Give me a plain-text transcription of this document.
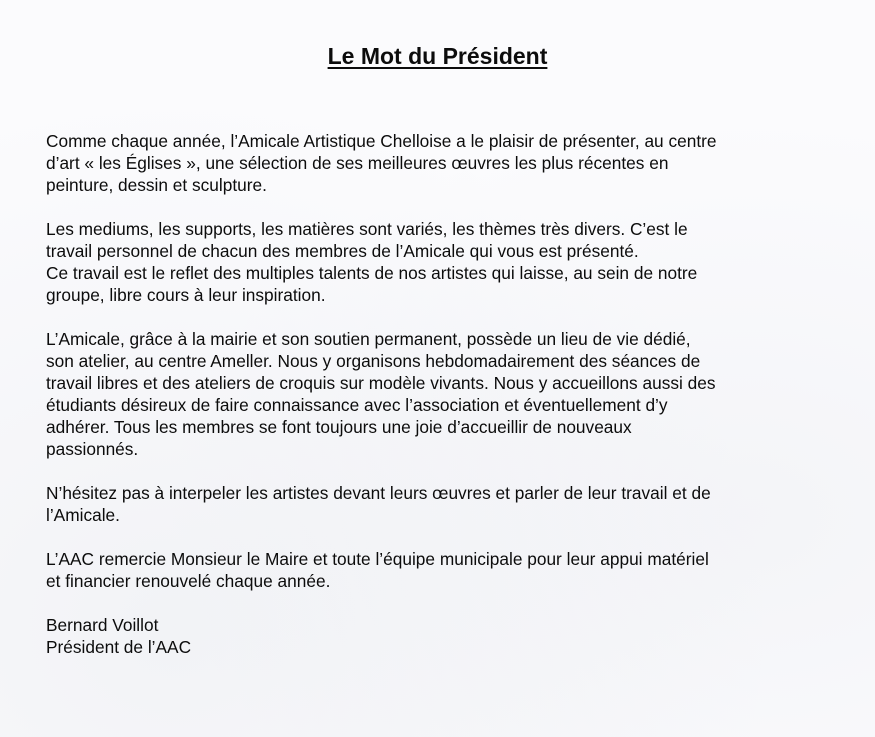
Le Mot du Président

Comme chaque année, l’Amicale Artistique Chelloise a le plaisir de présenter, au centre
d’art « les Églises », une sélection de ses meilleures œuvres les plus récentes en
peinture, dessin et sculpture.

Les mediums, les supports, les matières sont variés, les thèmes très divers. C’est le
travail personnel de chacun des membres de l’Amicale qui vous est présenté.
Ce travail est le reflet des multiples talents de nos artistes qui laisse, au sein de notre
groupe, libre cours à leur inspiration.

L’Amicale, grâce à la mairie et son soutien permanent, possède un lieu de vie dédié,
son atelier, au centre Ameller. Nous y organisons hebdomadairement des séances de
travail libres et des ateliers de croquis sur modèle vivants. Nous y accueillons aussi des
étudiants désireux de faire connaissance avec l’association et éventuellement d’y
adhérer. Tous les membres se font toujours une joie d’accueillir de nouveaux
passionnés.

N’hésitez pas à interpeler les artistes devant leurs œuvres et parler de leur travail et de
l’Amicale.

L’AAC remercie Monsieur le Maire et toute l’équipe municipale pour leur appui matériel
et financier renouvelé chaque année.

Bernard Voillot
Président de l’AAC
